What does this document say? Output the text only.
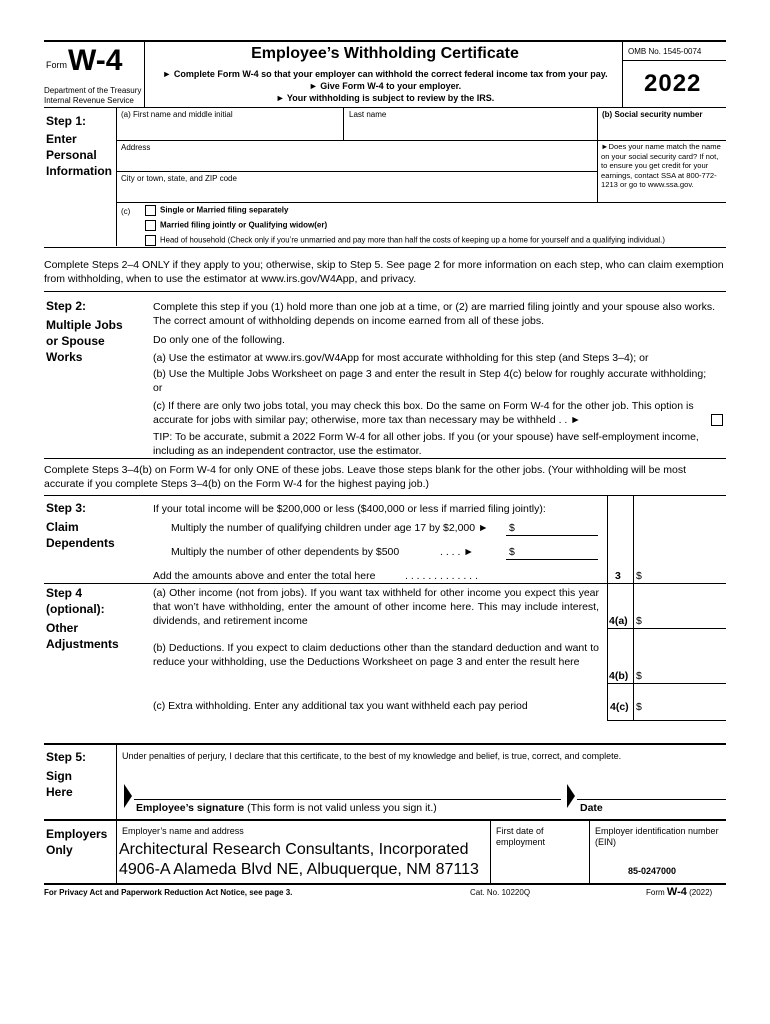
Form W-4
Department of the Treasury
Internal Revenue Service
Employee’s Withholding Certificate
► Complete Form W-4 so that your employer can withhold the correct federal income tax from your pay.
► Give Form W-4 to your employer.
► Your withholding is subject to review by the IRS.
OMB No. 1545-0074
2022
Step 1:
Enter
Personal
Information
(a) First name and middle initial	Last name	(b) Social security number
Address	►Does your name match the name on your social security card? If not, to ensure you get credit for your earnings, contact SSA at 800-772-1213 or go to www.ssa.gov.
City or town, state, and ZIP code
(c)	Single or Married filing separately
Married filing jointly or Qualifying widow(er)
Head of household (Check only if you’re unmarried and pay more than half the costs of keeping up a home for yourself and a qualifying individual.)
Complete Steps 2–4 ONLY if they apply to you; otherwise, skip to Step 5. See page 2 for more information on each step, who can claim exemption from withholding, when to use the estimator at www.irs.gov/W4App, and privacy.
Step 2:
Multiple Jobs
or Spouse
Works
Complete this step if you (1) hold more than one job at a time, or (2) are married filing jointly and your spouse also works. The correct amount of withholding depends on income earned from all of these jobs.
Do only one of the following.
(a) Use the estimator at www.irs.gov/W4App for most accurate withholding for this step (and Steps 3–4); or
(b) Use the Multiple Jobs Worksheet on page 3 and enter the result in Step 4(c) below for roughly accurate withholding; or
(c) If there are only two jobs total, you may check this box. Do the same on Form W-4 for the other job. This option is accurate for jobs with similar pay; otherwise, more tax than necessary may be withheld . . ►
TIP: To be accurate, submit a 2022 Form W-4 for all other jobs. If you (or your spouse) have self-employment income, including as an independent contractor, use the estimator.
Complete Steps 3–4(b) on Form W-4 for only ONE of these jobs. Leave those steps blank for the other jobs. (Your withholding will be most accurate if you complete Steps 3–4(b) on the Form W-4 for the highest paying job.)
Step 3:
Claim
Dependents
If your total income will be $200,000 or less ($400,000 or less if married filing jointly):
Multiply the number of qualifying children under age 17 by $2,000 ► $
Multiply the number of other dependents by $500	. . . . ►	$
Add the amounts above and enter the total here	. . . . . . . . . . . . .	3 $
Step 4
(optional):
Other
Adjustments
(a) Other income (not from jobs). If you want tax withheld for other income you expect this year that won’t have withholding, enter the amount of other income here. This may include interest, dividends, and retirement income	4(a) $
(b) Deductions. If you expect to claim deductions other than the standard deduction and want to reduce your withholding, use the Deductions Worksheet on page 3 and enter the result here
4(b) $
(c) Extra withholding. Enter any additional tax you want withheld each pay period	4(c) $
Step 5:
Sign
Here
Under penalties of perjury, I declare that this certificate, to the best of my knowledge and belief, is true, correct, and complete.
Employee’s signature (This form is not valid unless you sign it.)	Date
Employers
Only
Employer’s name and address
Architectural Research Consultants, Incorporated
4906-A Alameda Blvd NE, Albuquerque, NM 87113
First date of employment
Employer identification number (EIN)
85-0247000
For Privacy Act and Paperwork Reduction Act Notice, see page 3.	Cat. No. 10220Q	Form W-4 (2022)
